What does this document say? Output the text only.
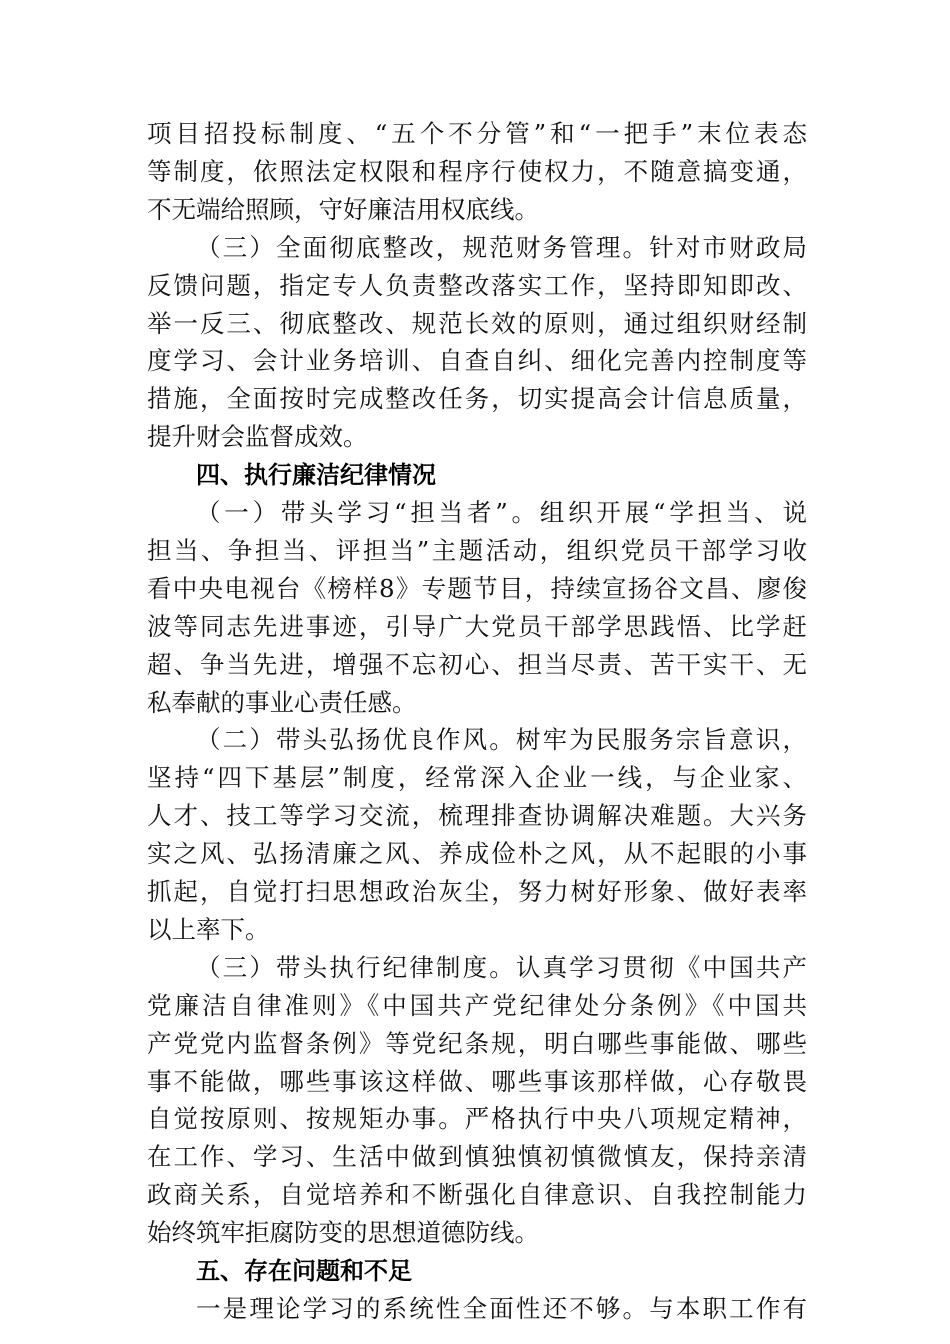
项目招投标制度、“五个不分管”和“一把手”末位表态
等制度，依照法定权限和程序行使权力，不随意搞变通，
不无端给照顾，守好廉洁用权底线。
（三）全面彻底整改，规范财务管理。针对市财政局
反馈问题，指定专人负责整改落实工作，坚持即知即改、
举一反三、彻底整改、规范长效的原则，通过组织财经制
度学习、会计业务培训、自查自纠、细化完善内控制度等
措施，全面按时完成整改任务，切实提高会计信息质量，
提升财会监督成效。
四、执行廉洁纪律情况
（一）带头学习“担当者”。组织开展“学担当、说
担当、争担当、评担当”主题活动，组织党员干部学习收
看中央电视台《榜样8》专题节目，持续宣扬谷文昌、廖俊
波等同志先进事迹，引导广大党员干部学思践悟、比学赶
超、争当先进，增强不忘初心、担当尽责、苦干实干、无
私奉献的事业心责任感。
（二）带头弘扬优良作风。树牢为民服务宗旨意识，
坚持“四下基层”制度，经常深入企业一线，与企业家、
人才、技工等学习交流，梳理排查协调解决难题。大兴务
实之风、弘扬清廉之风、养成俭朴之风，从不起眼的小事
抓起，自觉打扫思想政治灰尘，努力树好形象、做好表率
以上率下。
（三）带头执行纪律制度。认真学习贯彻《中国共产
党廉洁自律准则》《中国共产党纪律处分条例》《中国共
产党党内监督条例》等党纪条规，明白哪些事能做、哪些
事不能做，哪些事该这样做、哪些事该那样做，心存敬畏
自觉按原则、按规矩办事。严格执行中央八项规定精神，
在工作、学习、生活中做到慎独慎初慎微慎友，保持亲清
政商关系，自觉培养和不断强化自律意识、自我控制能力
始终筑牢拒腐防变的思想道德防线。
五、存在问题和不足
一是理论学习的系统性全面性还不够。与本职工作有
